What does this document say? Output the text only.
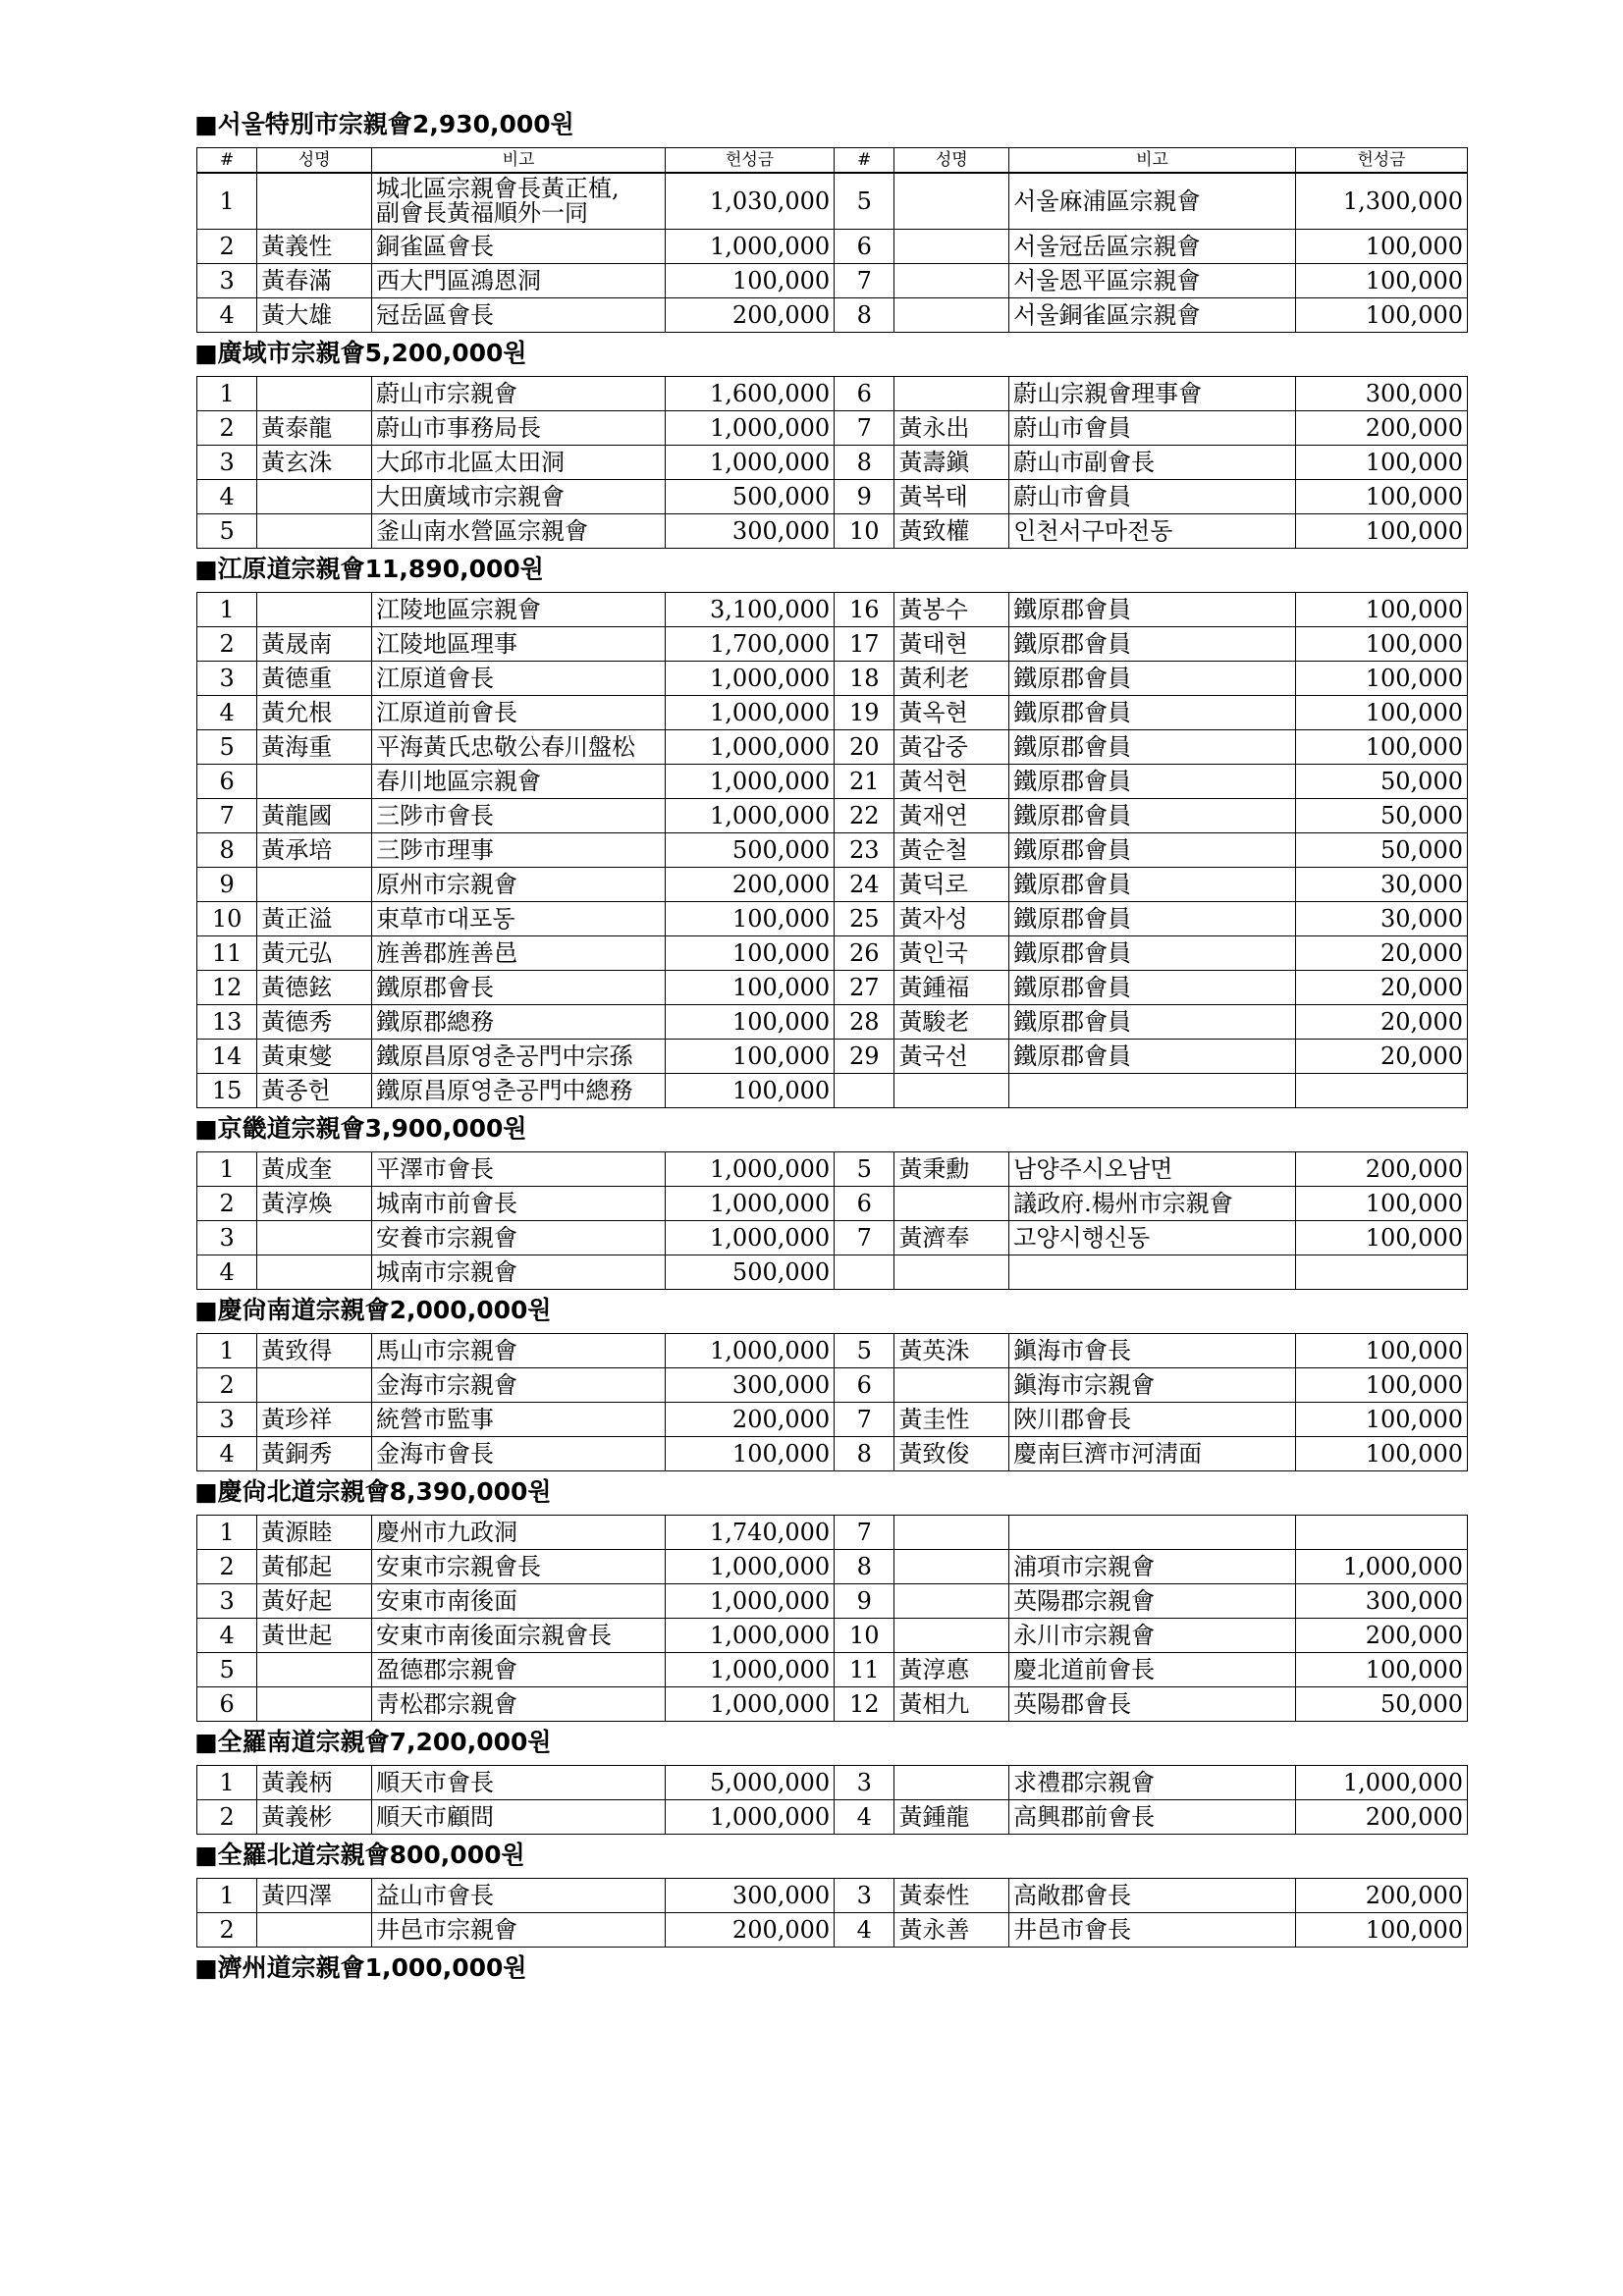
■서울特別市宗親會2,930,000원
#	성명	비고	헌성금	#	성명	비고	헌성금
1		城北區宗親會長黃正植,
副會長黃福順外一同	1,030,000	5		서울麻浦區宗親會	1,300,000
2	黃義性	銅雀區會長	1,000,000	6		서울冠岳區宗親會	100,000
3	黃春滿	西大門區鴻恩洞	100,000	7		서울恩平區宗親會	100,000
4	黃大雄	冠岳區會長	200,000	8		서울銅雀區宗親會	100,000
■廣域市宗親會5,200,000원
1		蔚山市宗親會	1,600,000	6		蔚山宗親會理事會	300,000
2	黃泰龍	蔚山市事務局長	1,000,000	7	黃永出	蔚山市會員	200,000
3	黃玄洙	大邱市北區太田洞	1,000,000	8	黃壽鎭	蔚山市副會長	100,000
4		大田廣域市宗親會	500,000	9	黃복태	蔚山市會員	100,000
5		釜山南水營區宗親會	300,000	10	黃致權	인천서구마전동	100,000
■江原道宗親會11,890,000원
1		江陵地區宗親會	3,100,000	16	黃봉수	鐵原郡會員	100,000
2	黃晟南	江陵地區理事	1,700,000	17	黃태현	鐵原郡會員	100,000
3	黃德重	江原道會長	1,000,000	18	黃利老	鐵原郡會員	100,000
4	黃允根	江原道前會長	1,000,000	19	黃옥현	鐵原郡會員	100,000
5	黃海重	平海黃氏忠敬公春川盤松	1,000,000	20	黃갑중	鐵原郡會員	100,000
6		春川地區宗親會	1,000,000	21	黃석현	鐵原郡會員	50,000
7	黃龍國	三陟市會長	1,000,000	22	黃재연	鐵原郡會員	50,000
8	黃承培	三陟市理事	500,000	23	黃순철	鐵原郡會員	50,000
9		原州市宗親會	200,000	24	黃덕로	鐵原郡會員	30,000
10	黃正溢	束草市대포동	100,000	25	黃자성	鐵原郡會員	30,000
11	黃元弘	旌善郡旌善邑	100,000	26	黃인국	鐵原郡會員	20,000
12	黃德鉉	鐵原郡會長	100,000	27	黃鍾福	鐵原郡會員	20,000
13	黃德秀	鐵原郡總務	100,000	28	黃駿老	鐵原郡會員	20,000
14	黃東燮	鐵原昌原영춘공門中宗孫	100,000	29	黃국선	鐵原郡會員	20,000
15	黃종헌	鐵原昌原영춘공門中總務	100,000				
■京畿道宗親會3,900,000원
1	黃成奎	平澤市會長	1,000,000	5	黃秉勳	남양주시오남면	200,000
2	黃淳煥	城南市前會長	1,000,000	6		議政府.楊州市宗親會	100,000
3		安養市宗親會	1,000,000	7	黃濟奉	고양시행신동	100,000
4		城南市宗親會	500,000				
■慶尙南道宗親會2,000,000원
1	黃致得	馬山市宗親會	1,000,000	5	黃英洙	鎭海市會長	100,000
2		金海市宗親會	300,000	6		鎭海市宗親會	100,000
3	黃珍祥	統營市監事	200,000	7	黃圭性	陜川郡會長	100,000
4	黃銅秀	金海市會長	100,000	8	黃致俊	慶南巨濟市河淸面	100,000
■慶尙北道宗親會8,390,000원
1	黃源睦	慶州市九政洞	1,740,000	7			
2	黃郁起	安東市宗親會長	1,000,000	8		浦項市宗親會	1,000,000
3	黃好起	安東市南後面	1,000,000	9		英陽郡宗親會	300,000
4	黃世起	安東市南後面宗親會長	1,000,000	10		永川市宗親會	200,000
5		盈德郡宗親會	1,000,000	11	黃淳悳	慶北道前會長	100,000
6		靑松郡宗親會	1,000,000	12	黃相九	英陽郡會長	50,000
■全羅南道宗親會7,200,000원
1	黃義柄	順天市會長	5,000,000	3		求禮郡宗親會	1,000,000
2	黃義彬	順天市顧問	1,000,000	4	黃鍾龍	高興郡前會長	200,000
■全羅北道宗親會800,000원
1	黃四澤	益山市會長	300,000	3	黃泰性	高敞郡會長	200,000
2		井邑市宗親會	200,000	4	黃永善	井邑市會長	100,000
■濟州道宗親會1,000,000원
